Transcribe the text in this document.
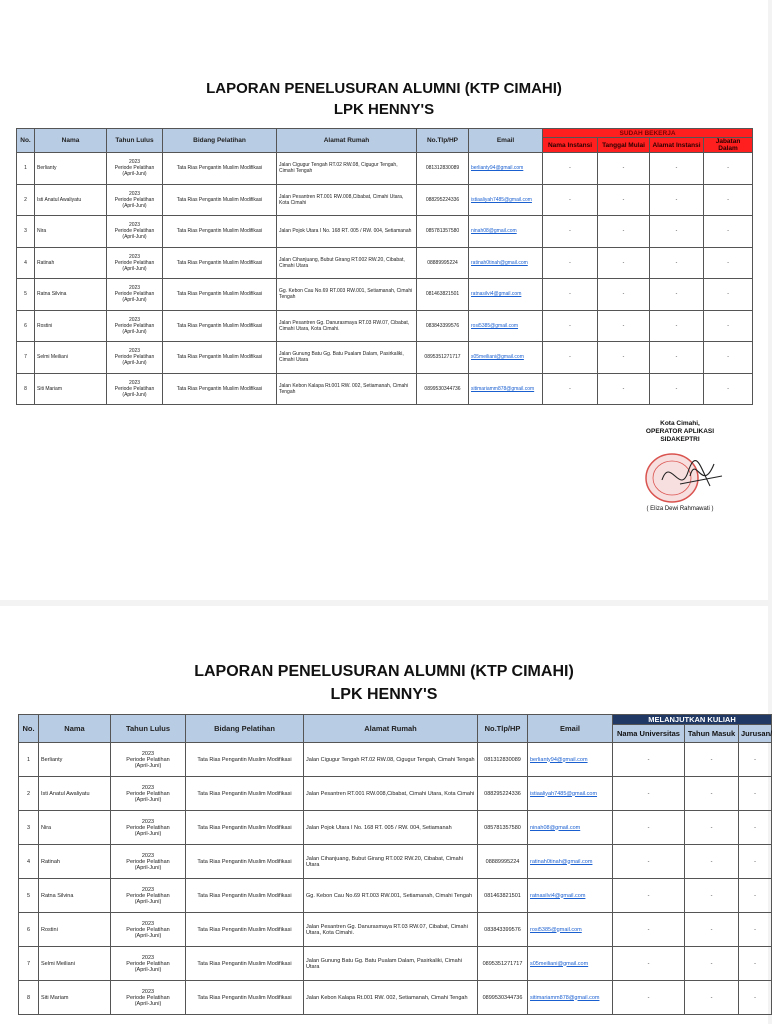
LAPORAN PENELUSURAN ALUMNI (KTP CIMAHI)
LPK HENNY'S
No.	Nama	Tahun Lulus	Bidang Pelatihan	Alamat Rumah	No.Tlp/HP	Email	SUDAH BEKERJA			
							Nama Instansi	Tanggal Mulai	Alamat Instansi	Jabatan Dalam
1	Berlianty	2023
Periode Pelatihan
(April-Juni)	Tata Rias Pengantin Muslim Modifikasi	Jalan Cigugur Tengah RT.02 RW.08, Cigugur Tengah, Cimahi Tengah	081312830089	berlianty94@gmail.com	-	-	-	-
2	Isti Anatul Awaliyatu	2023
Periode Pelatihan
(April-Juni)	Tata Rias Pengantin Muslim Modifikasi	Jalan Pesantren RT.001 RW.008,Cibabat, Cimahi Utara, Kota Cimahi	088295224336	istiaaliyah7485@gmail.com	-	-	-	-
3	Nira	2023
Periode Pelatihan
(April-Juni)	Tata Rias Pengantin Muslim Modifikasi	Jalan Pojok Utara I No. 168 RT. 005 / RW. 004, Setiamanah	085781357580	ninah08@gmail.com	-	-	-	-
4	Ratinah	2023
Periode Pelatihan
(April-Juni)	Tata Rias Pengantin Muslim Modifikasi	Jalan Cihanjuang, Bubut Girang RT.002 RW.20, Cibabat, Cimahi Utara	08889995224	ratinah0tinah@gmail.com	-	-	-	-
5	Ratna Silvina	2023
Periode Pelatihan
(April-Juni)	Tata Rias Pengantin Muslim Modifikasi	Gg. Kebon Cau No.69 RT.003 RW.001, Setiamanah, Cimahi Tengah	081463821501	ratnasilvi4@gmail.com	-	-	-	-
6	Rostini	2023
Periode Pelatihan
(April-Juni)	Tata Rias Pengantin Muslim Modifikasi	Jalan Pesantren Gg. Danurasmaya RT.03 RW.07, Cibabat, Cimahi Utara, Kota Cimahi.	083843399576	rosi5385@gmail.com	-	-	-	-
7	Selmi Meiliani	2023
Periode Pelatihan
(April-Juni)	Tata Rias Pengantin Muslim Modifikasi	Jalan Gunung Batu Gg. Batu Pualam Dalam, Pasirkaliki, Cimahi Utara	0895351271717	s05meiliani@gmail.com	-	-	-	-
8	Siti Mariam	2023
Periode Pelatihan
(April-Juni)	Tata Rias Pengantin Muslim Modifikasi	Jalan Kebon Kalapa Rt.001 RW. 002, Setiamanah, Cimahi Tengah	0899530344736	sitimariamm878@gmail.com	-	-	-	-
Kota Cimahi,
OPERATOR APLIKASI
SIDAKEPTRI
( Eliza Dewi Rahmawati )
LAPORAN PENELUSURAN ALUMNI (KTP CIMAHI)
LPK HENNY'S
No.	Nama	Tahun Lulus	Bidang Pelatihan	Alamat Rumah	No.Tlp/HP	Email	MELANJUTKAN KULIAH		
							Nama Universitas	Tahun Masuk	Jurusan/
1	Berlianty	2023
Periode Pelatihan
(April-Juni)	Tata Rias Pengantin Muslim Modifikasi	Jalan Cigugur Tengah RT.02 RW.08, Cigugur Tengah, Cimahi Tengah	081312830089	berlianty94@gmail.com	-	-	-
2	Isti Anatul Awaliyatu	2023
Periode Pelatihan
(April-Juni)	Tata Rias Pengantin Muslim Modifikasi	Jalan Pesantren RT.001 RW.008,Cibabat, Cimahi Utara, Kota Cimahi	088295224336	istiaaliyah7485@gmail.com	-	-	-
3	Nira	2023
Periode Pelatihan
(April-Juni)	Tata Rias Pengantin Muslim Modifikasi	Jalan Pojok Utara I No. 168 RT. 005 / RW. 004, Setiamanah	085781357580	ninah08@gmail.com	-	-	-
4	Ratinah	2023
Periode Pelatihan
(April-Juni)	Tata Rias Pengantin Muslim Modifikasi	Jalan Cihanjuang, Bubut Girang RT.002 RW.20, Cibabat, Cimahi Utara	08889995224	ratinah0tinah@gmail.com	-	-	-
5	Ratna Silvina	2023
Periode Pelatihan
(April-Juni)	Tata Rias Pengantin Muslim Modifikasi	Gg. Kebon Cau No.69 RT.003 RW.001, Setiamanah, Cimahi Tengah	081463821501	ratnasilvi4@gmail.com	-	-	-
6	Rostini	2023
Periode Pelatihan
(April-Juni)	Tata Rias Pengantin Muslim Modifikasi	Jalan Pesantren Gg. Danurasmaya RT.03 RW.07, Cibabat, Cimahi Utara, Kota Cimahi.	083843399576	rosi5385@gmail.com	-	-	-
7	Selmi Meiliani	2023
Periode Pelatihan
(April-Juni)	Tata Rias Pengantin Muslim Modifikasi	Jalan Gunung Batu Gg. Batu Pualam Dalam, Pasirkaliki, Cimahi Utara	0895351271717	s05meiliani@gmail.com	-	-	-
8	Siti Mariam	2023
Periode Pelatihan
(April-Juni)	Tata Rias Pengantin Muslim Modifikasi	Jalan Kebon Kalapa Rt.001 RW. 002, Setiamanah, Cimahi Tengah	0899530344736	sitimariamm878@gmail.com	-	-	-
